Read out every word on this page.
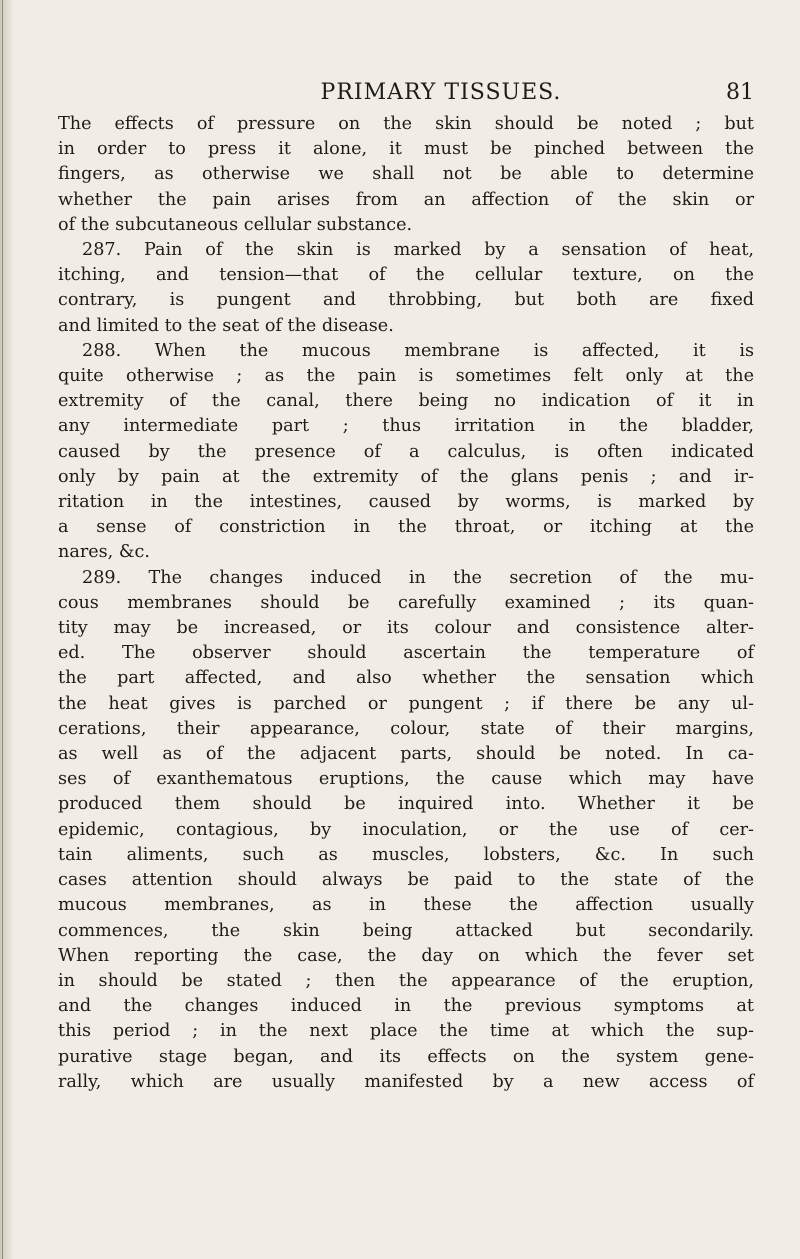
PRIMARY TISSUES.	81
The effects of pressure on the skin should be noted ; but
in order to press it alone, it must be pinched between the
fingers, as otherwise we shall not be able to determine
whether the pain arises from an affection of the skin or
of the subcutaneous cellular substance.
287. Pain of the skin is marked by a sensation of heat,
itching, and tension—that of the cellular texture, on the
contrary, is pungent and throbbing, but both are fixed
and limited to the seat of the disease.
288. When the mucous membrane is affected, it is
quite otherwise ; as the pain is sometimes felt only at the
extremity of the canal, there being no indication of it in
any intermediate part ; thus irritation in the bladder,
caused by the presence of a calculus, is often indicated
only by pain at the extremity of the glans penis ; and ir-
ritation in the intestines, caused by worms, is marked by
a sense of constriction in the throat, or itching at the
nares, &c.
289. The changes induced in the secretion of the mu-
cous membranes should be carefully examined ; its quan-
tity may be increased, or its colour and consistence alter-
ed. The observer should ascertain the temperature of
the part affected, and also whether the sensation which
the heat gives is parched or pungent ; if there be any ul-
cerations, their appearance, colour, state of their margins,
as well as of the adjacent parts, should be noted. In ca-
ses of exanthematous eruptions, the cause which may have
produced them should be inquired into. Whether it be
epidemic, contagious, by inoculation, or the use of cer-
tain aliments, such as muscles, lobsters, &c. In such
cases attention should always be paid to the state of the
mucous membranes, as in these the affection usually
commences, the skin being attacked but secondarily.
When reporting the case, the day on which the fever set
in should be stated ; then the appearance of the eruption,
and the changes induced in the previous symptoms at
this period ; in the next place the time at which the sup-
purative stage began, and its effects on the system gene-
rally, which are usually manifested by a new access of
